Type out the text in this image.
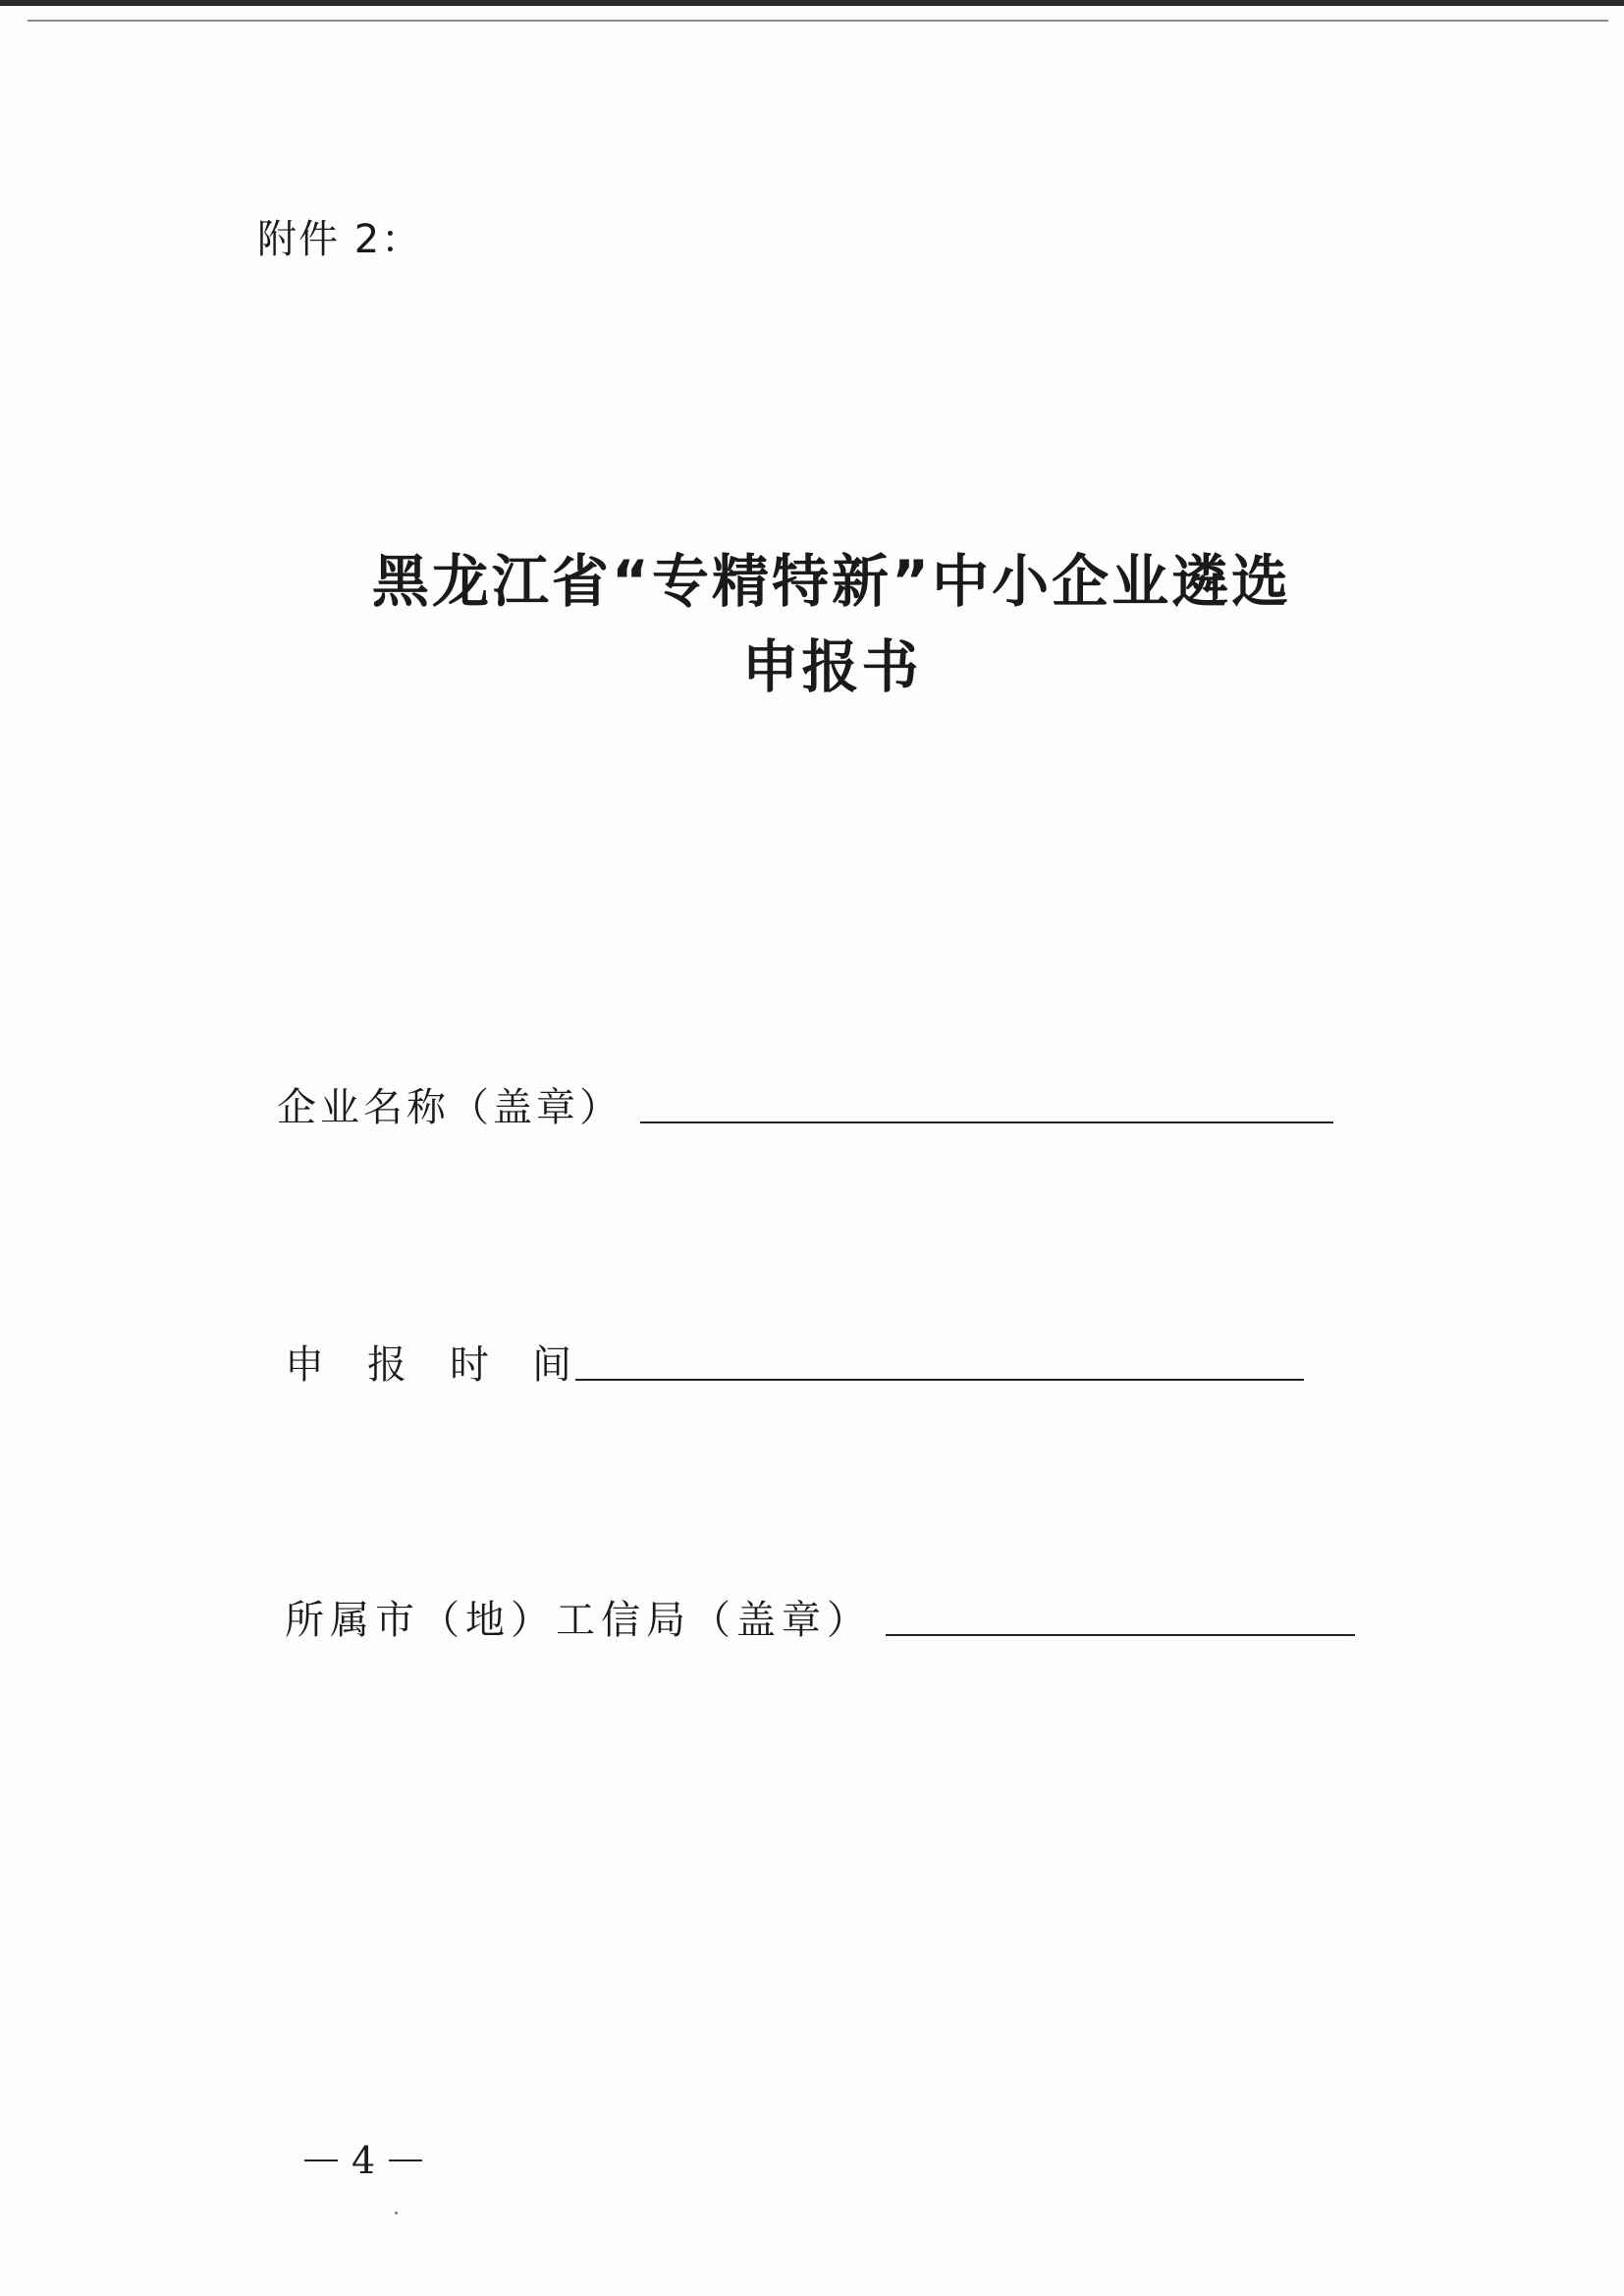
附件 2：
黑龙江省“专精特新”中小企业遴选
申报书
企业名称（盖章）
申报时间
所属市（地）工信局（盖章）
4
